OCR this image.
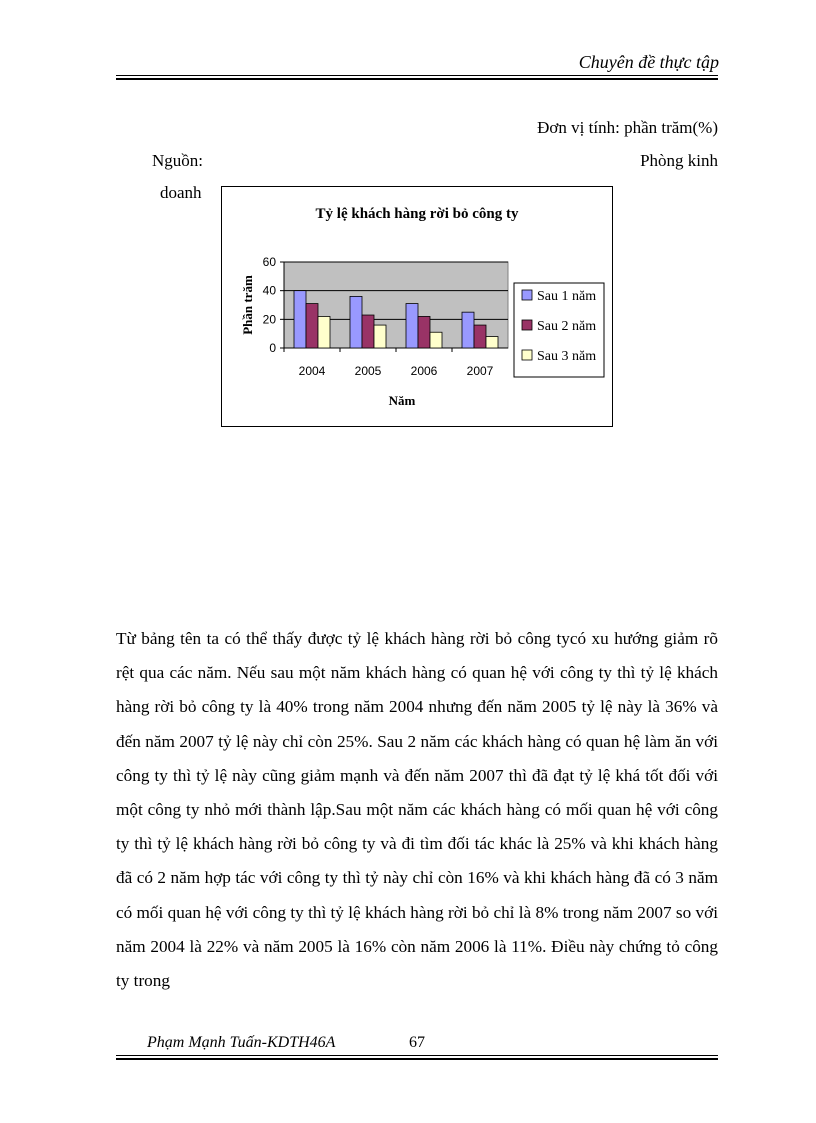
Chuyên đề thực tập
Đơn vị tính: phần trăm(%)
Nguồn:	Phòng kinh
doanh
Tỷ lệ khách hàng rời bỏ công ty
0
20
40
60
2004 2005 2006 2007
Năm
Phần trăm	Sau 1 năm
Sau 2 năm
Sau 3 năm

Từ bảng tên ta có thể thấy được tỷ lệ khách hàng rời bỏ công tycó xu hướng giảm rõ rệt qua các năm. Nếu sau một năm khách hàng có quan hệ với công ty thì tỷ lệ khách hàng rời bỏ công ty là 40% trong năm 2004 nhưng đến năm 2005 tỷ lệ này là 36% và đến năm 2007 tỷ lệ này chỉ còn 25%. Sau 2 năm các khách hàng có quan hệ làm ăn với công ty thì tỷ lệ này cũng giảm mạnh và đến năm 2007 thì đã đạt tỷ lệ khá tốt đối với một công ty nhỏ mới thành lập.Sau một năm các khách hàng có mối quan hệ với công ty thì tỷ lệ khách hàng rời bỏ công ty và đi tìm đối tác khác là 25% và khi khách hàng đã có 2 năm hợp tác với công ty thì tỷ này chỉ còn 16% và khi khách hàng đã có 3 năm có mối quan hệ với công ty thì tỷ lệ khách hàng rời bỏ chỉ là 8% trong năm 2007 so với năm 2004 là 22% và năm 2005 là 16% còn năm 2006 là 11%. Điều này chứng tỏ công ty trong

Phạm Mạnh Tuấn-KDTH46A	67
